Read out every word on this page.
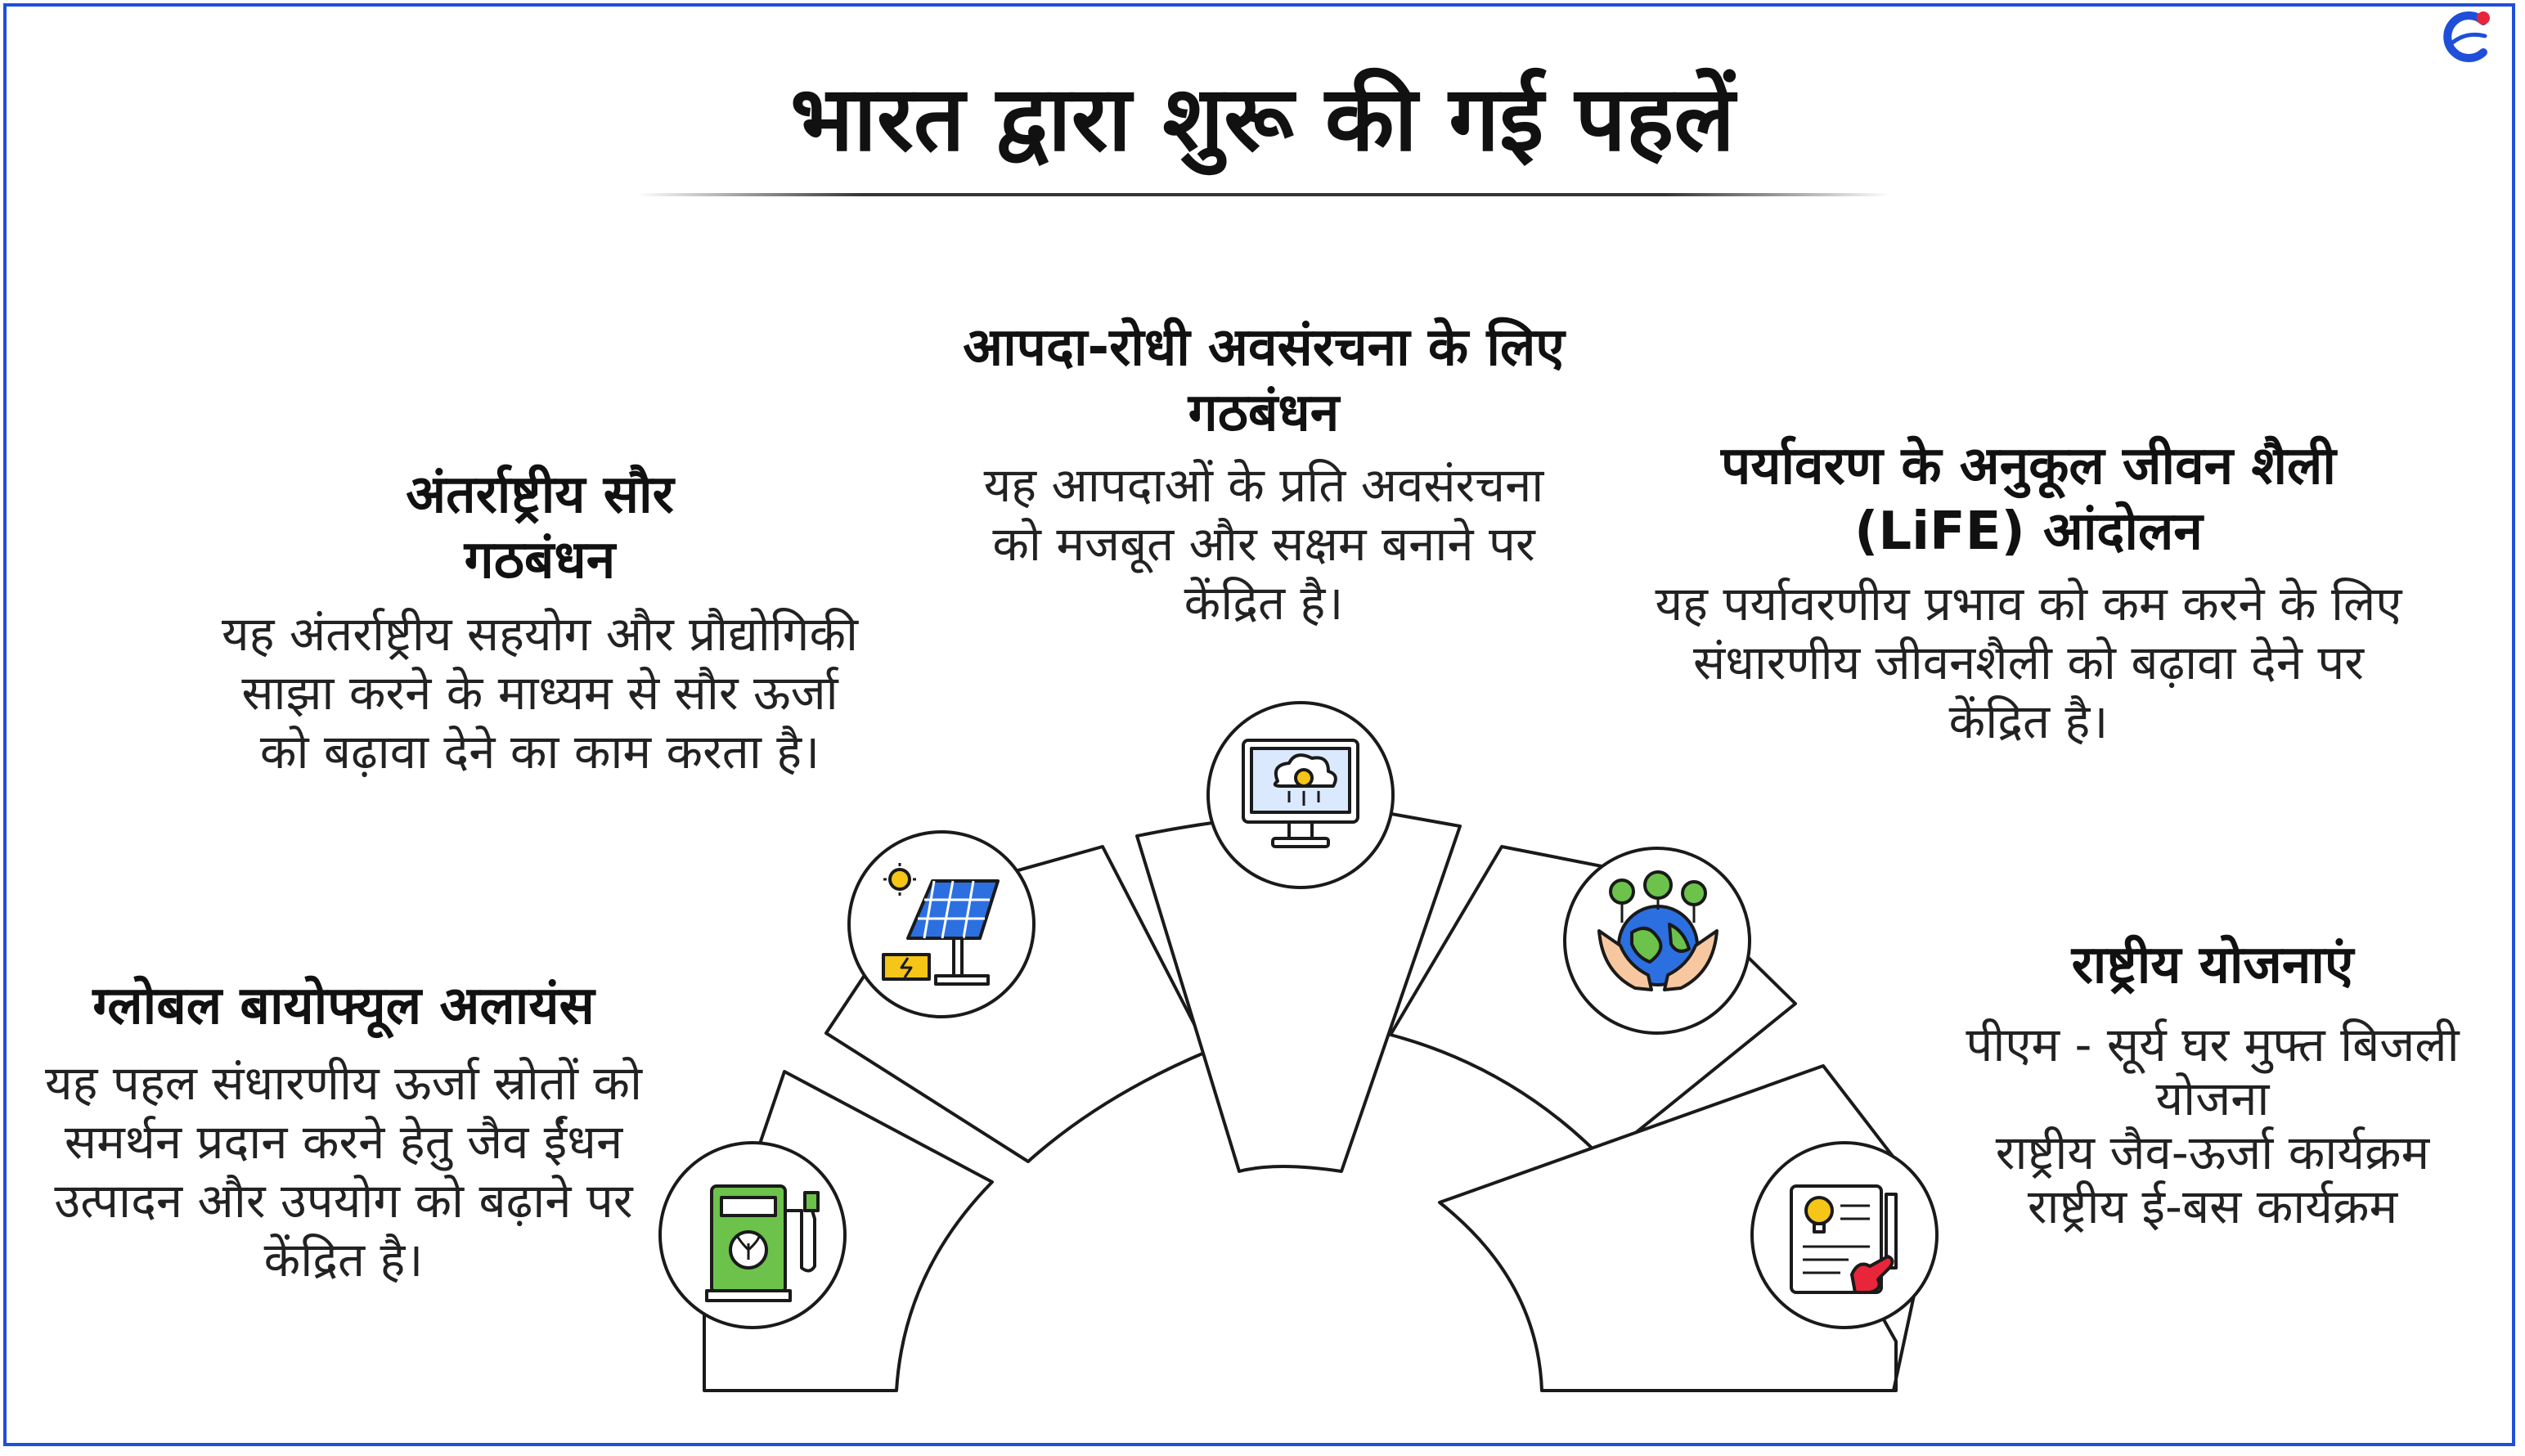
भारत द्वारा शुरू की गई पहलें

ग्लोबल बायोफ्यूल अलायंस

यह पहल संधारणीय ऊर्जा स्रोतों को समर्थन प्रदान करने हेतु जैव ईंधन उत्पादन और उपयोग को बढ़ाने पर केंद्रित है।

अंतर्राष्ट्रीय सौर गठबंधन

यह अंतर्राष्ट्रीय सहयोग और प्रौद्योगिकी साझा करने के माध्यम से सौर ऊर्जा को बढ़ावा देने का काम करता है।

आपदा-रोधी अवसंरचना के लिए गठबंधन

यह आपदाओं के प्रति अवसंरचना को मजबूत और सक्षम बनाने पर केंद्रित है।

पर्यावरण के अनुकूल जीवन शैली (LiFE) आंदोलन

यह पर्यावरणीय प्रभाव को कम करने के लिए संधारणीय जीवनशैली को बढ़ावा देने पर केंद्रित है।

राष्ट्रीय योजनाएं

पीएम - सूर्य घर मुफ्त बिजली योजना
राष्ट्रीय जैव-ऊर्जा कार्यक्रम
राष्ट्रीय ई-बस कार्यक्रम
